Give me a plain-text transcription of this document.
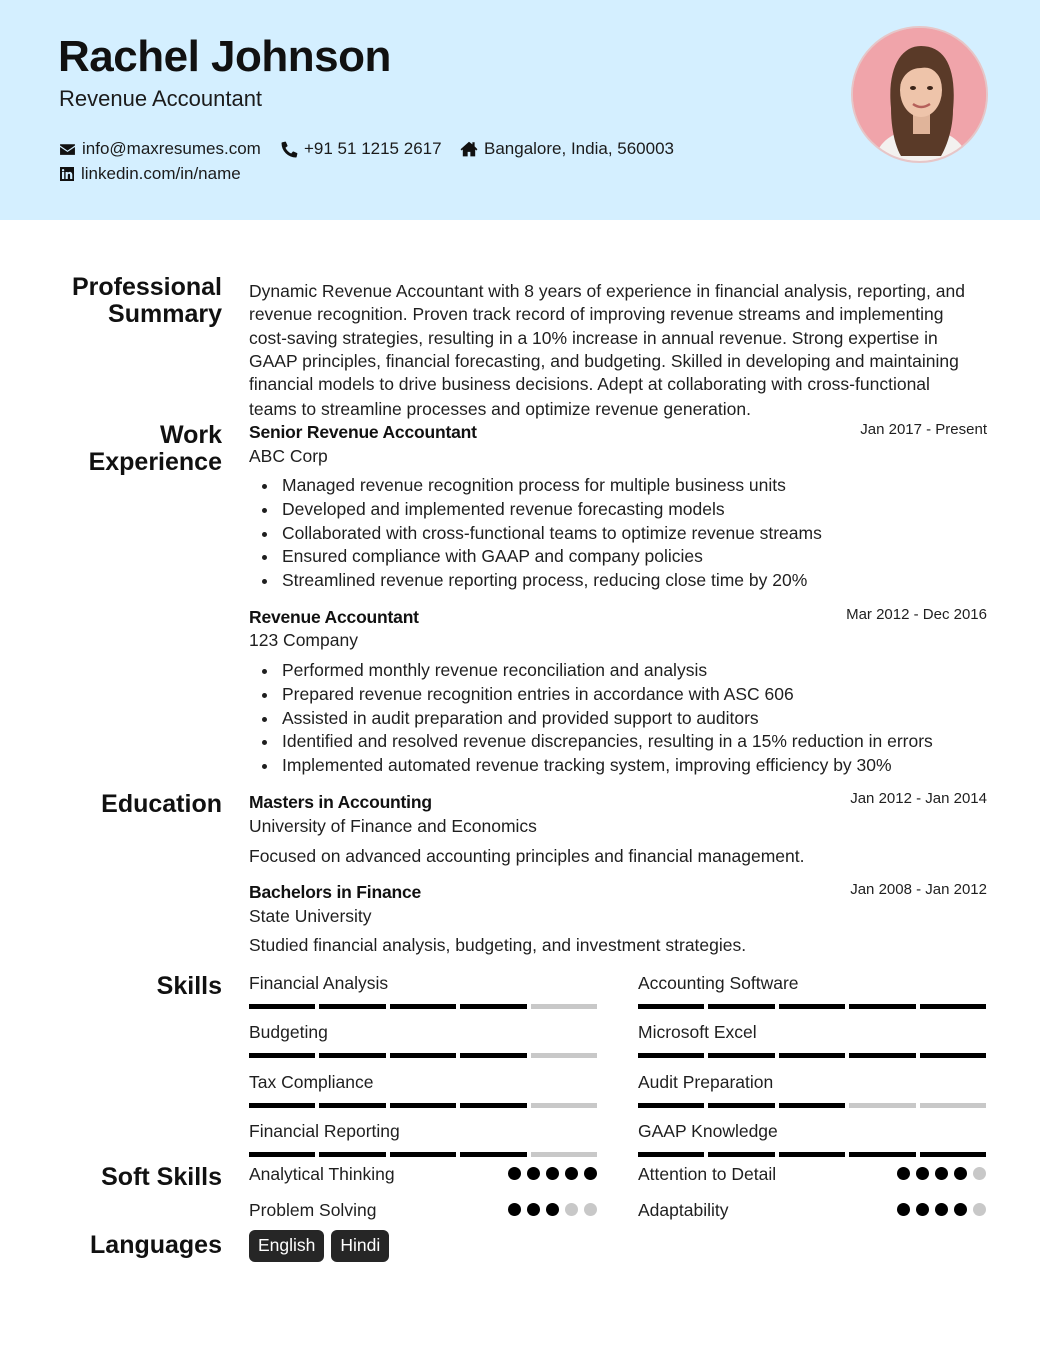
Rachel Johnson
Revenue Accountant
info@maxresumes.com	+91 51 1215 2617 Bangalore, India, 560003
linkedin.com/in/name
Professional
Summary
Dynamic Revenue Accountant with 8 years of experience in financial analysis, reporting, and
revenue recognition. Proven track record of improving revenue streams and implementing
cost-saving strategies, resulting in a 10% increase in annual revenue. Strong expertise in
GAAP principles, financial forecasting, and budgeting. Skilled in developing and maintaining
financial models to drive business decisions. Adept at collaborating with cross-functional
teams to streamline processes and optimize revenue generation.
Work
Experience
Senior Revenue Accountant	Jan 2017 - Present
ABC Corp
Managed revenue recognition process for multiple business units
Developed and implemented revenue forecasting models
Collaborated with cross-functional teams to optimize revenue streams
Ensured compliance with GAAP and company policies
Streamlined revenue reporting process, reducing close time by 20%
Revenue Accountant	Mar 2012 - Dec 2016
123 Company
Performed monthly revenue reconciliation and analysis
Prepared revenue recognition entries in accordance with ASC 606
Assisted in audit preparation and provided support to auditors
Identified and resolved revenue discrepancies, resulting in a 15% reduction in errors
Implemented automated revenue tracking system, improving efficiency by 30%
Education Masters in Accounting	Jan 2012 - Jan 2014
University of Finance and Economics
Focused on advanced accounting principles and financial management.
Bachelors in Finance	Jan 2008 - Jan 2012
State University
Studied financial analysis, budgeting, and investment strategies.
Skills Financial Analysis	Accounting Software
Budgeting	Microsoft Excel
Tax Compliance	Audit Preparation
Financial Reporting	GAAP Knowledge
Soft Skills Analytical Thinking	Attention to Detail
Problem Solving	Adaptability
Languages	English	Hindi
